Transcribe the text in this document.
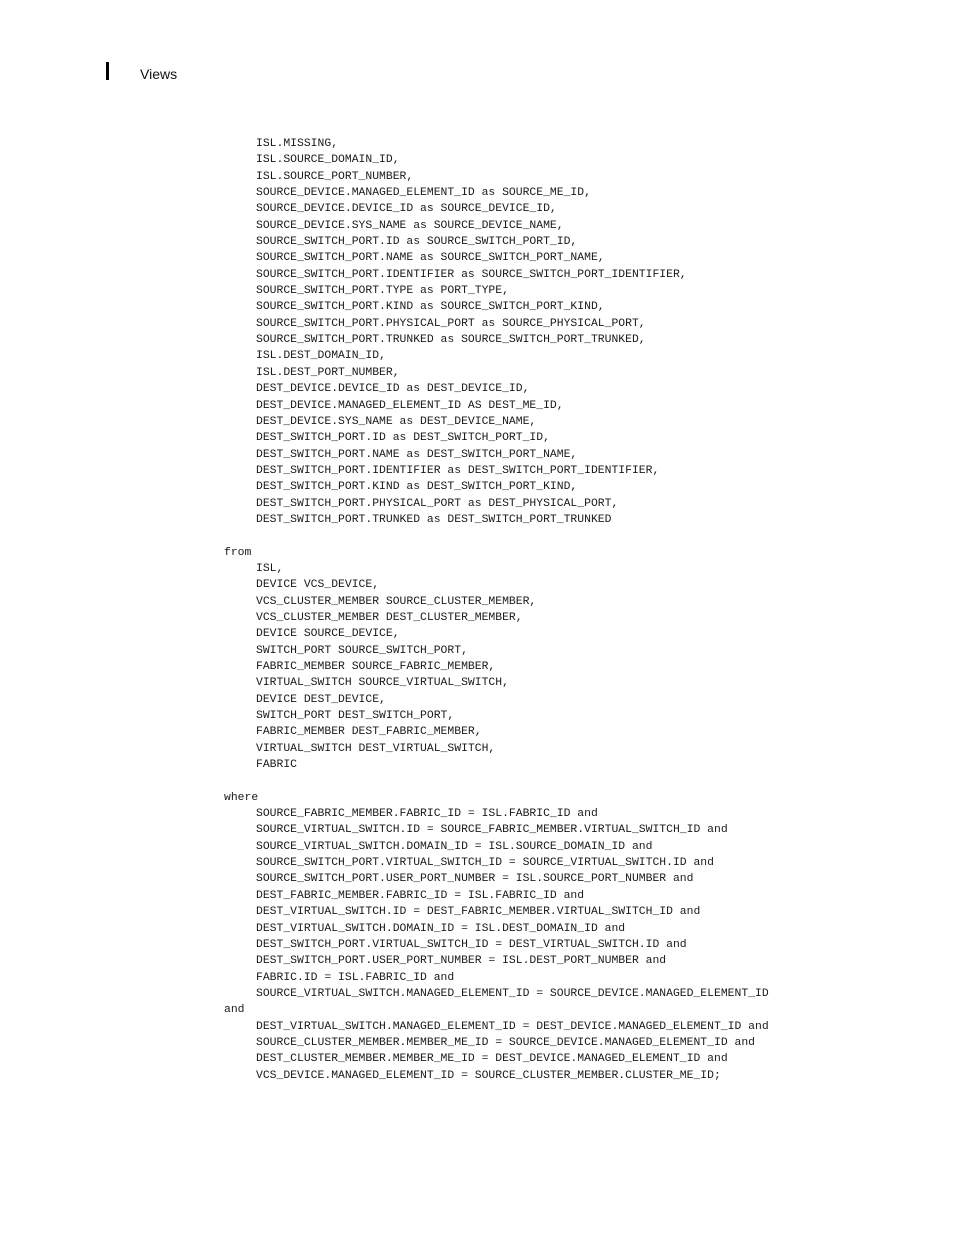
Views
ISL.MISSING,
ISL.SOURCE_DOMAIN_ID,
ISL.SOURCE_PORT_NUMBER,
SOURCE_DEVICE.MANAGED_ELEMENT_ID as SOURCE_ME_ID,
SOURCE_DEVICE.DEVICE_ID as SOURCE_DEVICE_ID,
SOURCE_DEVICE.SYS_NAME as SOURCE_DEVICE_NAME,
SOURCE_SWITCH_PORT.ID as SOURCE_SWITCH_PORT_ID,
SOURCE_SWITCH_PORT.NAME as SOURCE_SWITCH_PORT_NAME,
SOURCE_SWITCH_PORT.IDENTIFIER as SOURCE_SWITCH_PORT_IDENTIFIER,
SOURCE_SWITCH_PORT.TYPE as PORT_TYPE,
SOURCE_SWITCH_PORT.KIND as SOURCE_SWITCH_PORT_KIND,
SOURCE_SWITCH_PORT.PHYSICAL_PORT as SOURCE_PHYSICAL_PORT,
SOURCE_SWITCH_PORT.TRUNKED as SOURCE_SWITCH_PORT_TRUNKED,
ISL.DEST_DOMAIN_ID,
ISL.DEST_PORT_NUMBER,
DEST_DEVICE.DEVICE_ID as DEST_DEVICE_ID,
DEST_DEVICE.MANAGED_ELEMENT_ID AS DEST_ME_ID,
DEST_DEVICE.SYS_NAME as DEST_DEVICE_NAME,
DEST_SWITCH_PORT.ID as DEST_SWITCH_PORT_ID,
DEST_SWITCH_PORT.NAME as DEST_SWITCH_PORT_NAME,
DEST_SWITCH_PORT.IDENTIFIER as DEST_SWITCH_PORT_IDENTIFIER,
DEST_SWITCH_PORT.KIND as DEST_SWITCH_PORT_KIND,
DEST_SWITCH_PORT.PHYSICAL_PORT as DEST_PHYSICAL_PORT,
DEST_SWITCH_PORT.TRUNKED as DEST_SWITCH_PORT_TRUNKED
from
ISL,
DEVICE VCS_DEVICE,
VCS_CLUSTER_MEMBER SOURCE_CLUSTER_MEMBER,
VCS_CLUSTER_MEMBER DEST_CLUSTER_MEMBER,
DEVICE SOURCE_DEVICE,
SWITCH_PORT SOURCE_SWITCH_PORT,
FABRIC_MEMBER SOURCE_FABRIC_MEMBER,
VIRTUAL_SWITCH SOURCE_VIRTUAL_SWITCH,
DEVICE DEST_DEVICE,
SWITCH_PORT DEST_SWITCH_PORT,
FABRIC_MEMBER DEST_FABRIC_MEMBER,
VIRTUAL_SWITCH DEST_VIRTUAL_SWITCH,
FABRIC
where
SOURCE_FABRIC_MEMBER.FABRIC_ID = ISL.FABRIC_ID and
SOURCE_VIRTUAL_SWITCH.ID = SOURCE_FABRIC_MEMBER.VIRTUAL_SWITCH_ID and
SOURCE_VIRTUAL_SWITCH.DOMAIN_ID = ISL.SOURCE_DOMAIN_ID and
SOURCE_SWITCH_PORT.VIRTUAL_SWITCH_ID = SOURCE_VIRTUAL_SWITCH.ID and
SOURCE_SWITCH_PORT.USER_PORT_NUMBER = ISL.SOURCE_PORT_NUMBER and
DEST_FABRIC_MEMBER.FABRIC_ID = ISL.FABRIC_ID and
DEST_VIRTUAL_SWITCH.ID = DEST_FABRIC_MEMBER.VIRTUAL_SWITCH_ID and
DEST_VIRTUAL_SWITCH.DOMAIN_ID = ISL.DEST_DOMAIN_ID and
DEST_SWITCH_PORT.VIRTUAL_SWITCH_ID = DEST_VIRTUAL_SWITCH.ID and
DEST_SWITCH_PORT.USER_PORT_NUMBER = ISL.DEST_PORT_NUMBER and
FABRIC.ID = ISL.FABRIC_ID and
SOURCE_VIRTUAL_SWITCH.MANAGED_ELEMENT_ID = SOURCE_DEVICE.MANAGED_ELEMENT_ID
and
DEST_VIRTUAL_SWITCH.MANAGED_ELEMENT_ID = DEST_DEVICE.MANAGED_ELEMENT_ID and
SOURCE_CLUSTER_MEMBER.MEMBER_ME_ID = SOURCE_DEVICE.MANAGED_ELEMENT_ID and
DEST_CLUSTER_MEMBER.MEMBER_ME_ID = DEST_DEVICE.MANAGED_ELEMENT_ID and
VCS_DEVICE.MANAGED_ELEMENT_ID = SOURCE_CLUSTER_MEMBER.CLUSTER_ME_ID;
